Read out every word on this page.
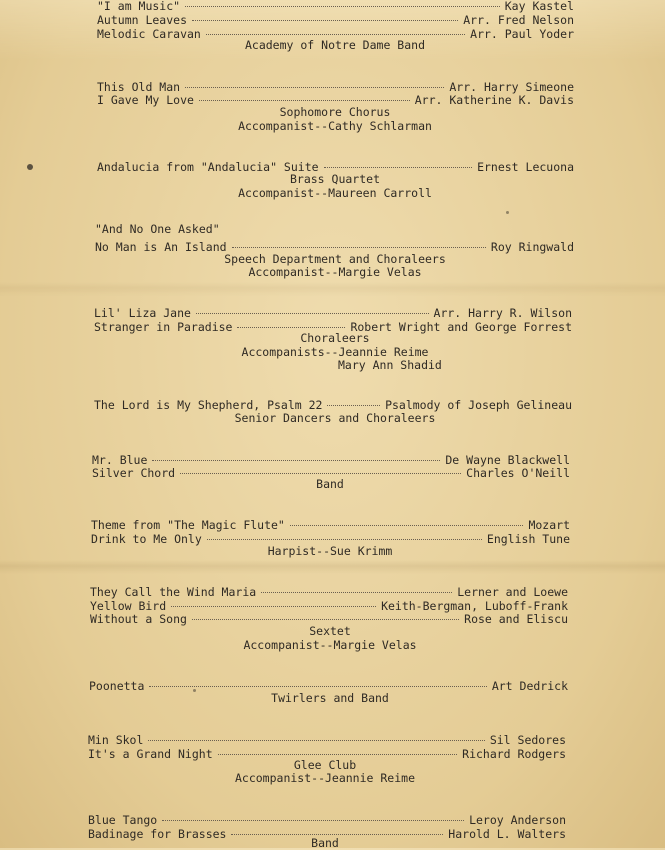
"I am Music"	Kay Kastel
Autumn Leaves	Arr. Fred Nelson
Melodic Caravan	Arr. Paul Yoder
Academy of Notre Dame Band
This Old Man	Arr. Harry Simeone
I Gave My Love	Arr. Katherine K. Davis
Sophomore Chorus
Accompanist--Cathy Schlarman
Andalucia from "Andalucia" Suite	Ernest Lecuona
Brass Quartet
Accompanist--Maureen Carroll
"And No One Asked"
No Man is An Island	Roy Ringwald
Speech Department and Choraleers
Accompanist--Margie Velas
Lil' Liza Jane	Arr. Harry R. Wilson
Stranger in Paradise	Robert Wright and George Forrest
Choraleers
Accompanists--Jeannie Reime
Mary Ann Shadid
The Lord is My Shepherd, Psalm 22	Psalmody of Joseph Gelineau
Senior Dancers and Choraleers
Mr. Blue	De Wayne Blackwell
Silver Chord	Charles O'Neill
Band
Theme from "The Magic Flute"	Mozart
Drink to Me Only	English Tune
Harpist--Sue Krimm
They Call the Wind Maria	Lerner and Loewe
Yellow Bird	Keith-Bergman, Luboff-Frank
Without a Song	Rose and Eliscu
Sextet
Accompanist--Margie Velas
Poonetta	Art Dedrick
Twirlers and Band
Min Skol	Sil Sedores
It's a Grand Night	Richard Rodgers
Glee Club
Accompanist--Jeannie Reime
Blue Tango	Leroy Anderson
Badinage for Brasses	Harold L. Walters
Band
